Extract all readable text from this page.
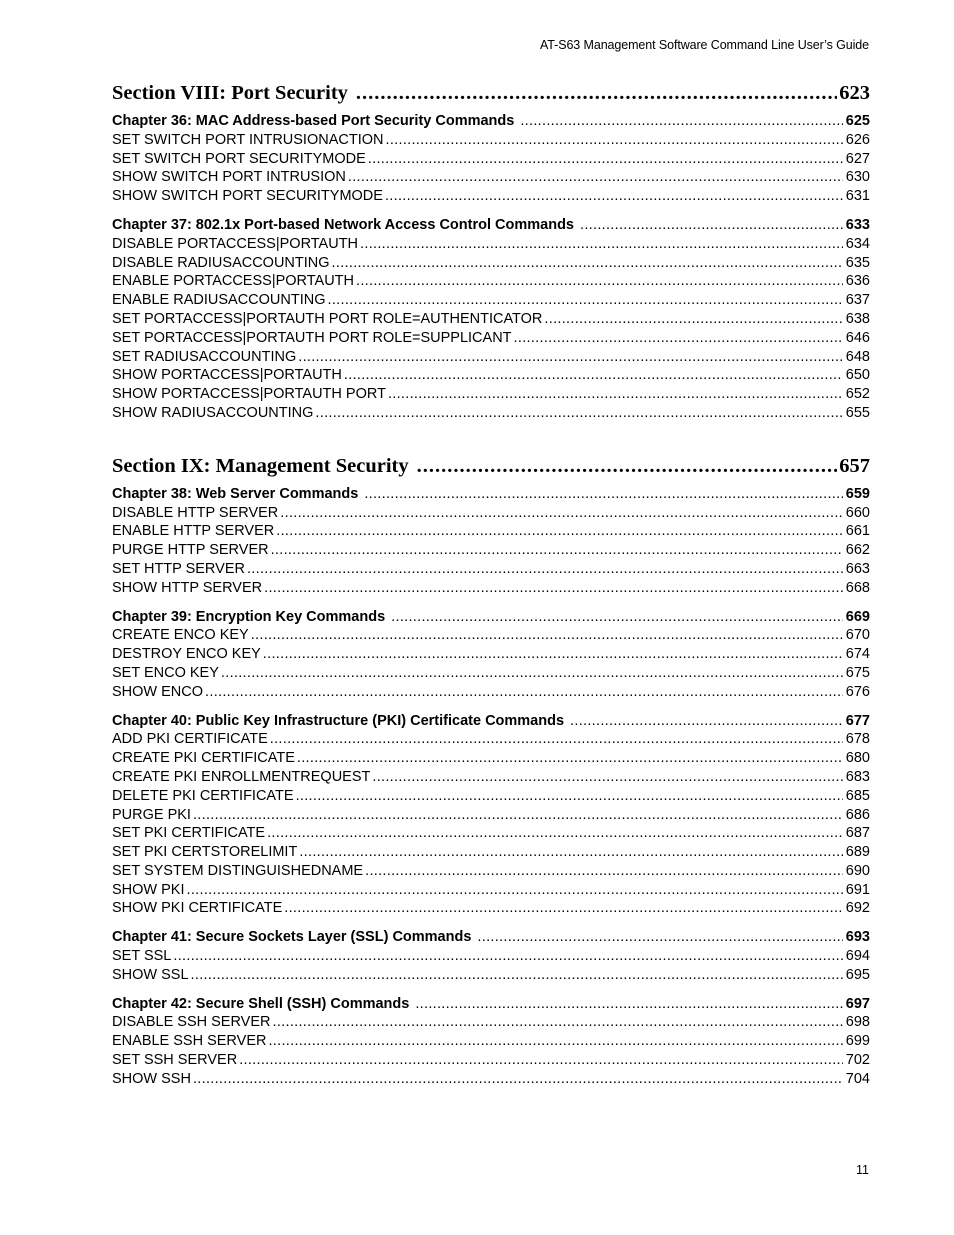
AT-S63 Management Software Command Line User’s Guide
Section VIII: Port Security .....	623
Chapter 36: MAC Address-based Port Security Commands .....	625
SET SWITCH PORT INTRUSIONACTION .....	626
SET SWITCH PORT SECURITYMODE .....	627
SHOW SWITCH PORT INTRUSION .....	630
SHOW SWITCH PORT SECURITYMODE .....	631
Chapter 37: 802.1x Port-based Network Access Control Commands .....	633
DISABLE PORTACCESS|PORTAUTH .....	634
DISABLE RADIUSACCOUNTING .....	635
ENABLE PORTACCESS|PORTAUTH .....	636
ENABLE RADIUSACCOUNTING .....	637
SET PORTACCESS|PORTAUTH PORT ROLE=AUTHENTICATOR .....	638
SET PORTACCESS|PORTAUTH PORT ROLE=SUPPLICANT .....	646
SET RADIUSACCOUNTING .....	648
SHOW PORTACCESS|PORTAUTH .....	650
SHOW PORTACCESS|PORTAUTH PORT .....	652
SHOW RADIUSACCOUNTING .....	655
Section IX: Management Security .....	657
Chapter 38: Web Server Commands .....	659
DISABLE HTTP SERVER .....	660
ENABLE HTTP SERVER .....	661
PURGE HTTP SERVER .....	662
SET HTTP SERVER .....	663
SHOW HTTP SERVER .....	668
Chapter 39: Encryption Key Commands .....	669
CREATE ENCO KEY .....	670
DESTROY ENCO KEY .....	674
SET ENCO KEY .....	675
SHOW ENCO .....	676
Chapter 40: Public Key Infrastructure (PKI) Certificate Commands .....	677
ADD PKI CERTIFICATE .....	678
CREATE PKI CERTIFICATE .....	680
CREATE PKI ENROLLMENTREQUEST .....	683
DELETE PKI CERTIFICATE .....	685
PURGE PKI .....	686
SET PKI CERTIFICATE .....	687
SET PKI CERTSTORELIMIT .....	689
SET SYSTEM DISTINGUISHEDNAME .....	690
SHOW PKI .....	691
SHOW PKI CERTIFICATE .....	692
Chapter 41: Secure Sockets Layer (SSL) Commands .....	693
SET SSL .....	694
SHOW SSL .....	695
Chapter 42: Secure Shell (SSH) Commands .....	697
DISABLE SSH SERVER .....	698
ENABLE SSH SERVER .....	699
SET SSH SERVER .....	702
SHOW SSH .....	704
11
